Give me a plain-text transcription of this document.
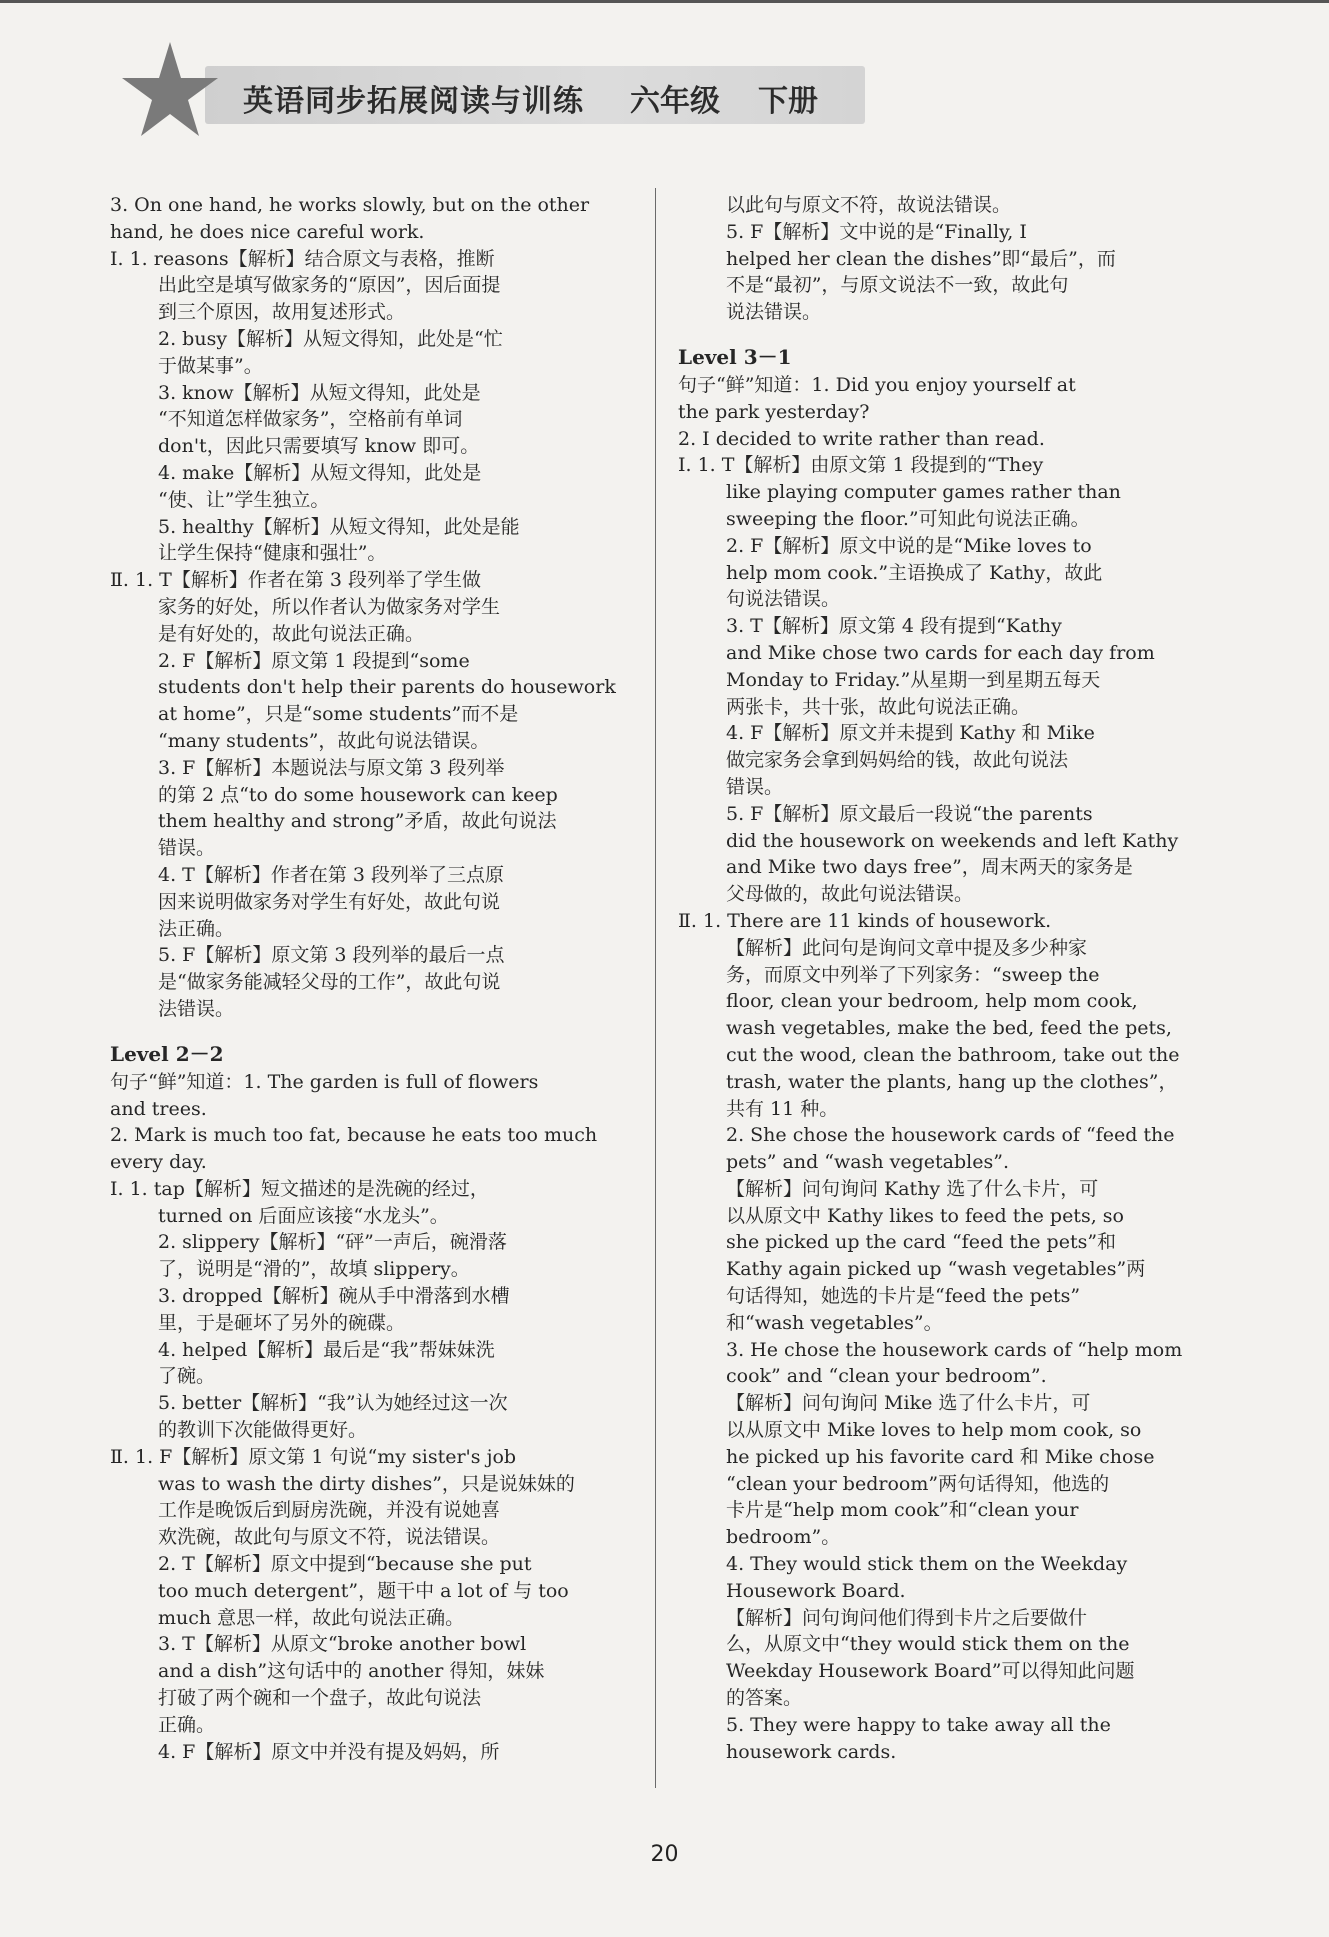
英语同步拓展阅读与训练 六年级 下册
3. On one hand, he works slowly, but on the other
hand, he does nice careful work.
Ⅰ. 1. reasons【解析】结合原文与表格，推断
出此空是填写做家务的“原因”，因后面提
到三个原因，故用复述形式。
2. busy【解析】从短文得知，此处是“忙
于做某事”。
3. know【解析】从短文得知，此处是
“不知道怎样做家务”，空格前有单词
don't，因此只需要填写 know 即可。
4. make【解析】从短文得知，此处是
“使、让”学生独立。
5. healthy【解析】从短文得知，此处是能
让学生保持“健康和强壮”。
Ⅱ. 1. T【解析】作者在第 3 段列举了学生做
家务的好处，所以作者认为做家务对学生
是有好处的，故此句说法正确。
2. F【解析】原文第 1 段提到“some
students don't help their parents do housework
at home”，只是“some students”而不是
“many students”，故此句说法错误。
3. F【解析】本题说法与原文第 3 段列举
的第 2 点“to do some housework can keep
them healthy and strong”矛盾，故此句说法
错误。
4. T【解析】作者在第 3 段列举了三点原
因来说明做家务对学生有好处，故此句说
法正确。
5. F【解析】原文第 3 段列举的最后一点
是“做家务能减轻父母的工作”，故此句说
法错误。
Level 2－2
句子“鲜”知道：1. The garden is full of flowers
and trees.
2. Mark is much too fat, because he eats too much
every day.
Ⅰ. 1. tap【解析】短文描述的是洗碗的经过，
turned on 后面应该接“水龙头”。
2. slippery【解析】“砰”一声后，碗滑落
了，说明是“滑的”，故填 slippery。
3. dropped【解析】碗从手中滑落到水槽
里，于是砸坏了另外的碗碟。
4. helped【解析】最后是“我”帮妹妹洗
了碗。
5. better【解析】“我”认为她经过这一次
的教训下次能做得更好。
Ⅱ. 1. F【解析】原文第 1 句说“my sister's job
was to wash the dirty dishes”，只是说妹妹的
工作是晚饭后到厨房洗碗，并没有说她喜
欢洗碗，故此句与原文不符，说法错误。
2. T【解析】原文中提到“because she put
too much detergent”，题干中 a lot of 与 too
much 意思一样，故此句说法正确。
3. T【解析】从原文“broke another bowl
and a dish”这句话中的 another 得知，妹妹
打破了两个碗和一个盘子，故此句说法
正确。
4. F【解析】原文中并没有提及妈妈，所
以此句与原文不符，故说法错误。
5. F【解析】文中说的是“Finally, I
helped her clean the dishes”即“最后”，而
不是“最初”，与原文说法不一致，故此句
说法错误。
Level 3－1
句子“鲜”知道：1. Did you enjoy yourself at
the park yesterday?
2. I decided to write rather than read.
Ⅰ. 1. T【解析】由原文第 1 段提到的“They
like playing computer games rather than
sweeping the floor.”可知此句说法正确。
2. F【解析】原文中说的是“Mike loves to
help mom cook.”主语换成了 Kathy，故此
句说法错误。
3. T【解析】原文第 4 段有提到“Kathy
and Mike chose two cards for each day from
Monday to Friday.”从星期一到星期五每天
两张卡，共十张，故此句说法正确。
4. F【解析】原文并未提到 Kathy 和 Mike
做完家务会拿到妈妈给的钱，故此句说法
错误。
5. F【解析】原文最后一段说“the parents
did the housework on weekends and left Kathy
and Mike two days free”，周末两天的家务是
父母做的，故此句说法错误。
Ⅱ. 1. There are 11 kinds of housework.
【解析】此问句是询问文章中提及多少种家
务，而原文中列举了下列家务：“sweep the
floor, clean your bedroom, help mom cook,
wash vegetables, make the bed, feed the pets,
cut the wood, clean the bathroom, take out the
trash, water the plants, hang up the clothes”，
共有 11 种。
2. She chose the housework cards of “feed the
pets” and “wash vegetables”.
【解析】问句询问 Kathy 选了什么卡片，可
以从原文中 Kathy likes to feed the pets, so
she picked up the card “feed the pets”和
Kathy again picked up “wash vegetables”两
句话得知，她选的卡片是“feed the pets”
和“wash vegetables”。
3. He chose the housework cards of “help mom
cook” and “clean your bedroom”.
【解析】问句询问 Mike 选了什么卡片，可
以从原文中 Mike loves to help mom cook, so
he picked up his favorite card 和 Mike chose
“clean your bedroom”两句话得知，他选的
卡片是“help mom cook”和“clean your
bedroom”。
4. They would stick them on the Weekday
Housework Board.
【解析】问句询问他们得到卡片之后要做什
么，从原文中“they would stick them on the
Weekday Housework Board”可以得知此问题
的答案。
5. They were happy to take away all the
housework cards.
20
